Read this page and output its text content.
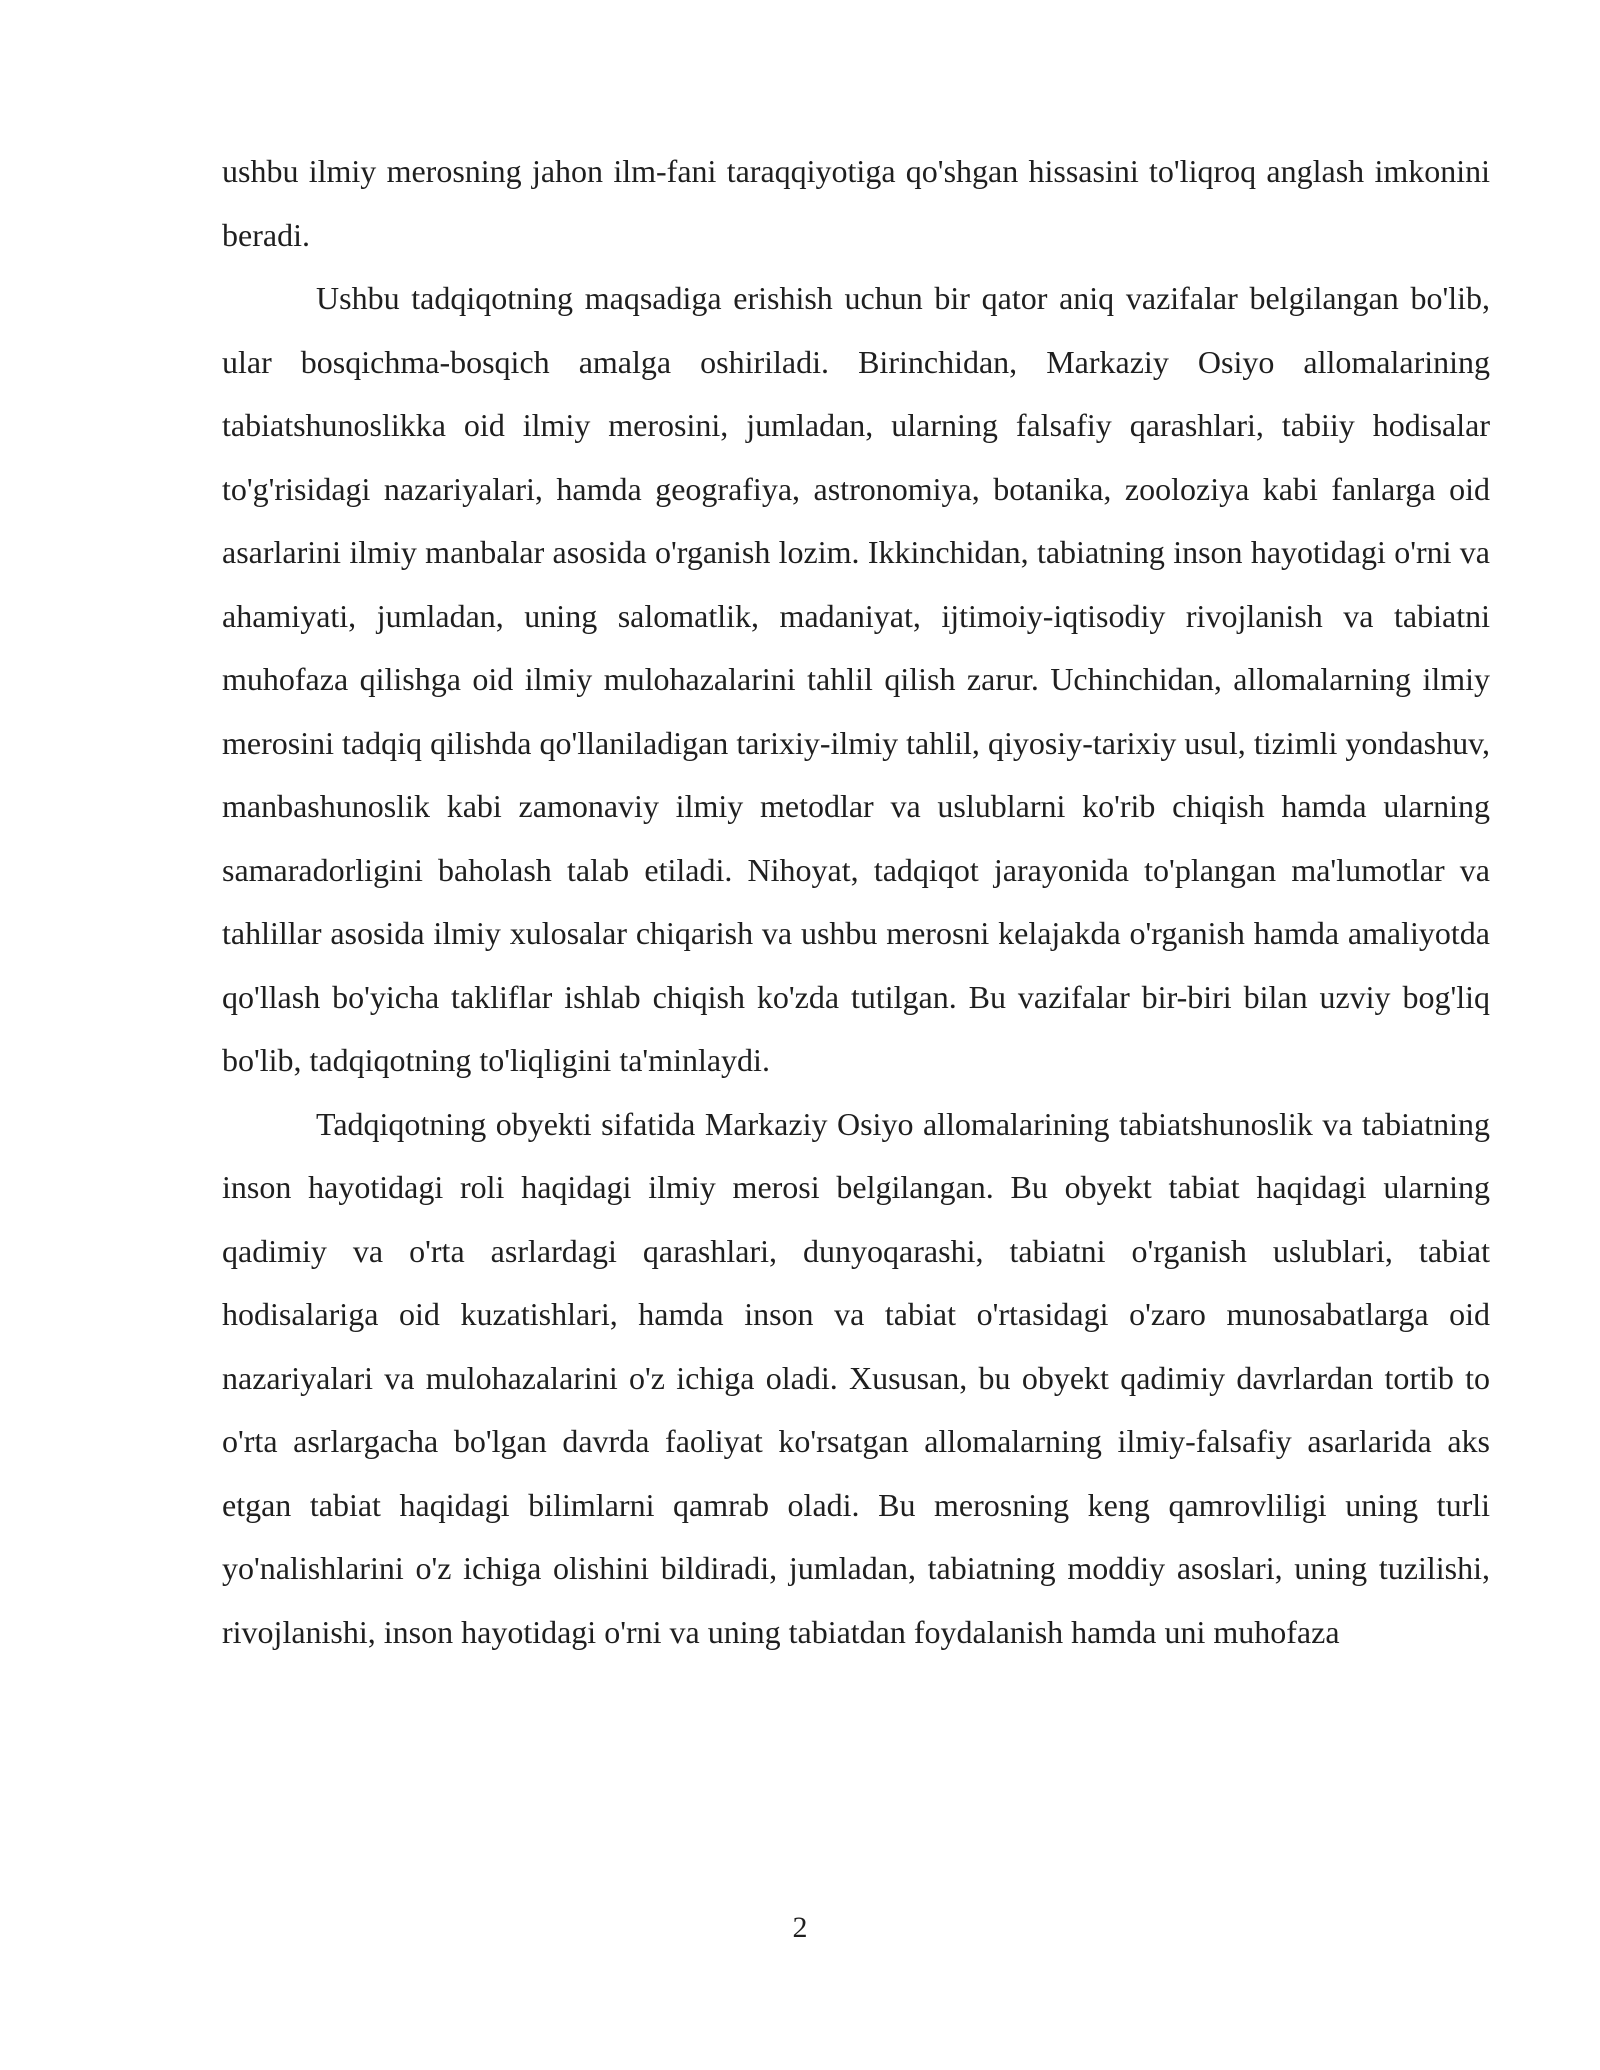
ushbu ilmiy merosning jahon ilm-fani taraqqiyotiga qo'shgan hissasini to'liqroq anglash imkonini beradi.

Ushbu tadqiqotning maqsadiga erishish uchun bir qator aniq vazifalar belgilangan bo'lib, ular bosqichma-bosqich amalga oshiriladi. Birinchidan, Markaziy Osiyo allomalarining tabiatshunoslikka oid ilmiy merosini, jumladan, ularning falsafiy qarashlari, tabiiy hodisalar to'g'risidagi nazariyalari, hamda geografiya, astronomiya, botanika, zooloziya kabi fanlarga oid asarlarini ilmiy manbalar asosida o'rganish lozim. Ikkinchidan, tabiatning inson hayotidagi o'rni va ahamiyati, jumladan, uning salomatlik, madaniyat, ijtimoiy-iqtisodiy rivojlanish va tabiatni muhofaza qilishga oid ilmiy mulohazalarini tahlil qilish zarur. Uchinchidan, allomalarning ilmiy merosini tadqiq qilishda qo'llaniladigan tarixiy-ilmiy tahlil, qiyosiy-tarixiy usul, tizimli yondashuv, manbashunoslik kabi zamonaviy ilmiy metodlar va uslublarni ko'rib chiqish hamda ularning samaradorligini baholash talab etiladi. Nihoyat, tadqiqot jarayonida to'plangan ma'lumotlar va tahlillar asosida ilmiy xulosalar chiqarish va ushbu merosni kelajakda o'rganish hamda amaliyotda qo'llash bo'yicha takliflar ishlab chiqish ko'zda tutilgan. Bu vazifalar bir-biri bilan uzviy bog'liq bo'lib, tadqiqotning to'liqligini ta'minlaydi.

Tadqiqotning obyekti sifatida Markaziy Osiyo allomalarining tabiatshunoslik va tabiatning inson hayotidagi roli haqidagi ilmiy merosi belgilangan. Bu obyekt tabiat haqidagi ularning qadimiy va o'rta asrlardagi qarashlari, dunyoqarashi, tabiatni o'rganish uslublari, tabiat hodisalariga oid kuzatishlari, hamda inson va tabiat o'rtasidagi o'zaro munosabatlarga oid nazariyalari va mulohazalarini o'z ichiga oladi. Xususan, bu obyekt qadimiy davrlardan tortib to o'rta asrlargacha bo'lgan davrda faoliyat ko'rsatgan allomalarning ilmiy-falsafiy asarlarida aks etgan tabiat haqidagi bilimlarni qamrab oladi. Bu merosning keng qamrovliligi uning turli yo'nalishlarini o'z ichiga olishini bildiradi, jumladan, tabiatning moddiy asoslari, uning tuzilishi, rivojlanishi, inson hayotidagi o'rni va uning tabiatdan foydalanish hamda uni muhofaza

2
